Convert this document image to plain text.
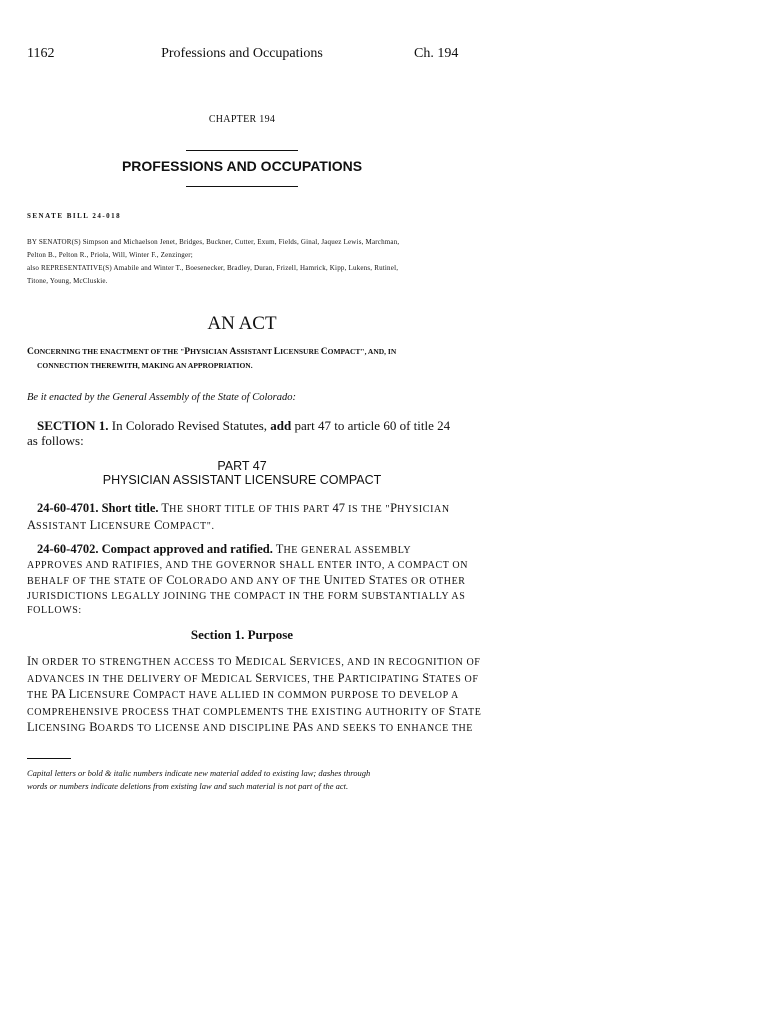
1162	Professions and Occupations	Ch. 194
CHAPTER 194
PROFESSIONS AND OCCUPATIONS
SENATE BILL 24-018
BY SENATOR(S) Simpson and Michaelson Jenet, Bridges, Buckner, Cutter, Exum, Fields, Ginal, Jaquez Lewis, Marchman,
Pelton B., Pelton R., Priola, Will, Winter F., Zenzinger;
also REPRESENTATIVE(S) Amabile and Winter T., Boesenecker, Bradley, Duran, Frizell, Hamrick, Kipp, Lukens, Rutinel,
Titone, Young, McCluskie.
AN ACT
CONCERNING THE ENACTMENT OF THE "PHYSICIAN ASSISTANT LICENSURE COMPACT", AND, IN
CONNECTION THEREWITH, MAKING AN APPROPRIATION.
Be it enacted by the General Assembly of the State of Colorado:
SECTION 1. In Colorado Revised Statutes, add part 47 to article 60 of title 24
as follows:
PART 47
PHYSICIAN ASSISTANT LICENSURE COMPACT
24-60-4701. Short title. THE SHORT TITLE OF THIS PART 47 IS THE "PHYSICIAN
ASSISTANT LICENSURE COMPACT".
24-60-4702. Compact approved and ratified. THE GENERAL ASSEMBLY
APPROVES AND RATIFIES, AND THE GOVERNOR SHALL ENTER INTO, A COMPACT ON
BEHALF OF THE STATE OF COLORADO AND ANY OF THE UNITED STATES OR OTHER
JURISDICTIONS LEGALLY JOINING THE COMPACT IN THE FORM SUBSTANTIALLY AS
FOLLOWS:
Section 1. Purpose
IN ORDER TO STRENGTHEN ACCESS TO MEDICAL SERVICES, AND IN RECOGNITION OF
ADVANCES IN THE DELIVERY OF MEDICAL SERVICES, THE PARTICIPATING STATES OF
THE PA LICENSURE COMPACT HAVE ALLIED IN COMMON PURPOSE TO DEVELOP A
COMPREHENSIVE PROCESS THAT COMPLEMENTS THE EXISTING AUTHORITY OF STATE
LICENSING BOARDS TO LICENSE AND DISCIPLINE PAS AND SEEKS TO ENHANCE THE
Capital letters or bold & italic numbers indicate new material added to existing law; dashes through
words or numbers indicate deletions from existing law and such material is not part of the act.
